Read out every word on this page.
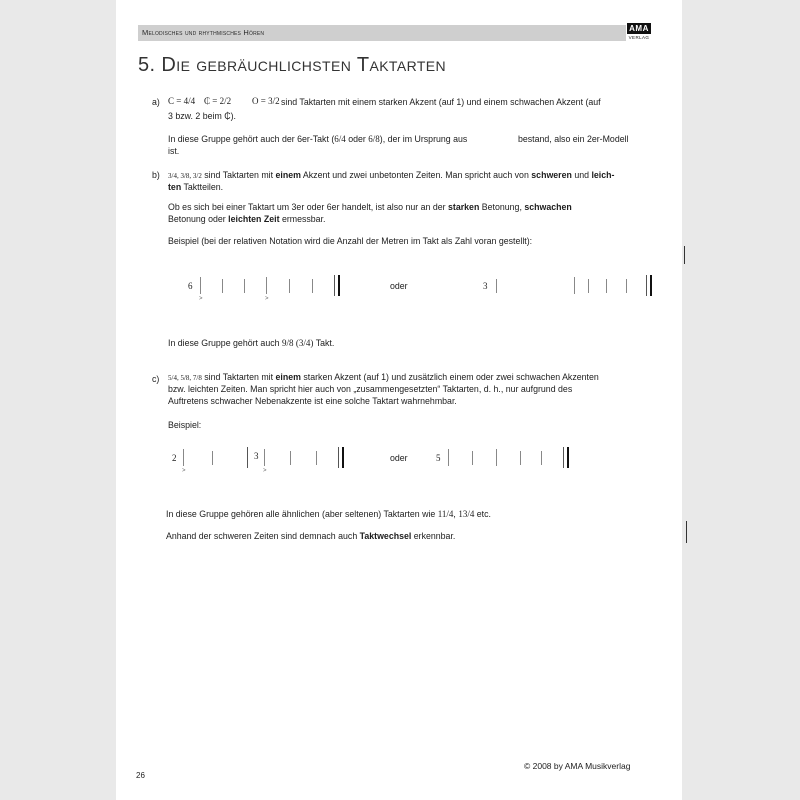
Melodisches und rhythmisches Hören	AMA
VERLAG
5. Die gebräuchlichsten Taktarten
a) C = 4/4 ₵ = 2/2 O = 3/2 sind Taktarten mit einem starken Akzent (auf 1) und einem schwachen Akzent (auf
3 bzw. 2 beim ₵).
In diese Gruppe gehört auch der 6er-Takt (6/4 oder 6/8), der im Ursprung aus	bestand, also ein 2er-Modell
ist.
b) 3/4, 3/8, 3/2 sind Taktarten mit einem Akzent und zwei unbetonten Zeiten. Man spricht auch von schweren und leich-
ten Taktteilen.
Ob es sich bei einer Taktart um 3er oder 6er handelt, ist also nur an der starken Betonung, schwachen
Betonung oder leichten Zeit ermessbar.
Beispiel (bei der relativen Notation wird die Anzahl der Metren im Takt als Zahl voran gestellt):
6
>	>
oder	3
In diese Gruppe gehört auch 9/8 (3/4) Takt.
c) 5/4, 5/8, 7/8 sind Taktarten mit einem starken Akzent (auf 1) und zusätzlich einem oder zwei schwachen Akzenten
bzw. leichten Zeiten. Man spricht hier auch von „zusammengesetzten“ Taktarten, d. h., nur aufgrund des
Auftretens schwacher Nebenakzente ist eine solche Taktart wahrnehmbar.
Beispiel:
2	3
>	>
oder	5
In diese Gruppe gehören alle ähnlichen (aber seltenen) Taktarten wie 11/4, 13/4 etc.
Anhand der schweren Zeiten sind demnach auch Taktwechsel erkennbar.
© 2008 by AMA Musikverlag
26
